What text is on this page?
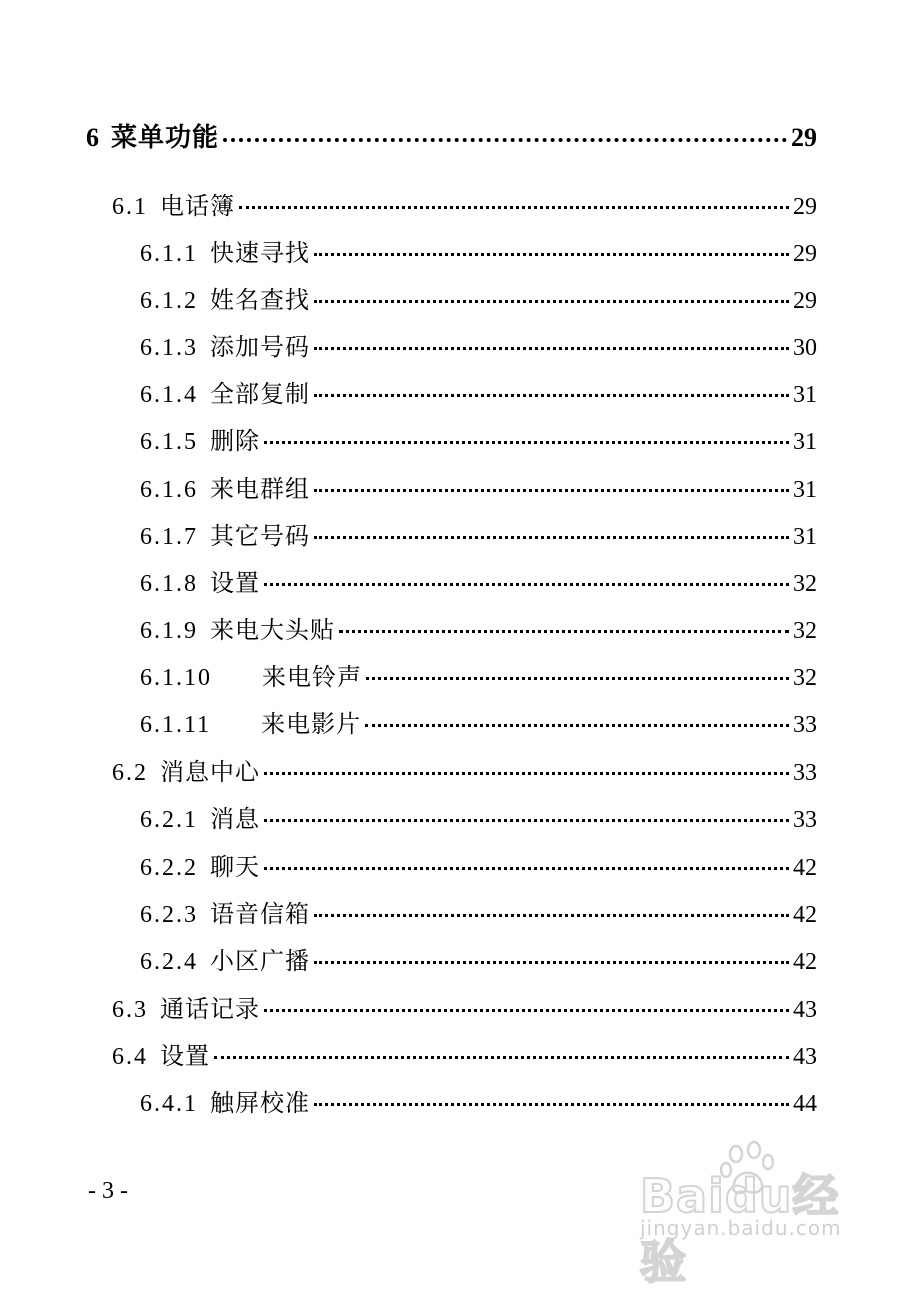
6 菜单功能	29
6.1 电话簿	29
6.1.1 快速寻找	29
6.1.2 姓名查找	29
6.1.3 添加号码	30
6.1.4 全部复制	31
6.1.5 删除	31
6.1.6 来电群组	31
6.1.7 其它号码	31
6.1.8 设置	32
6.1.9 来电大头贴	32
6.1.10 来电铃声	32
6.1.11 来电影片	33
6.2 消息中心	33
6.2.1 消息	33
6.2.2 聊天	42
6.2.3 语音信箱	42
6.2.4 小区广播	42
6.3 通话记录	43
6.4 设置	43
6.4.1 触屏校准	44
- 3 -	Baidu经验
jingyan.baidu.com
